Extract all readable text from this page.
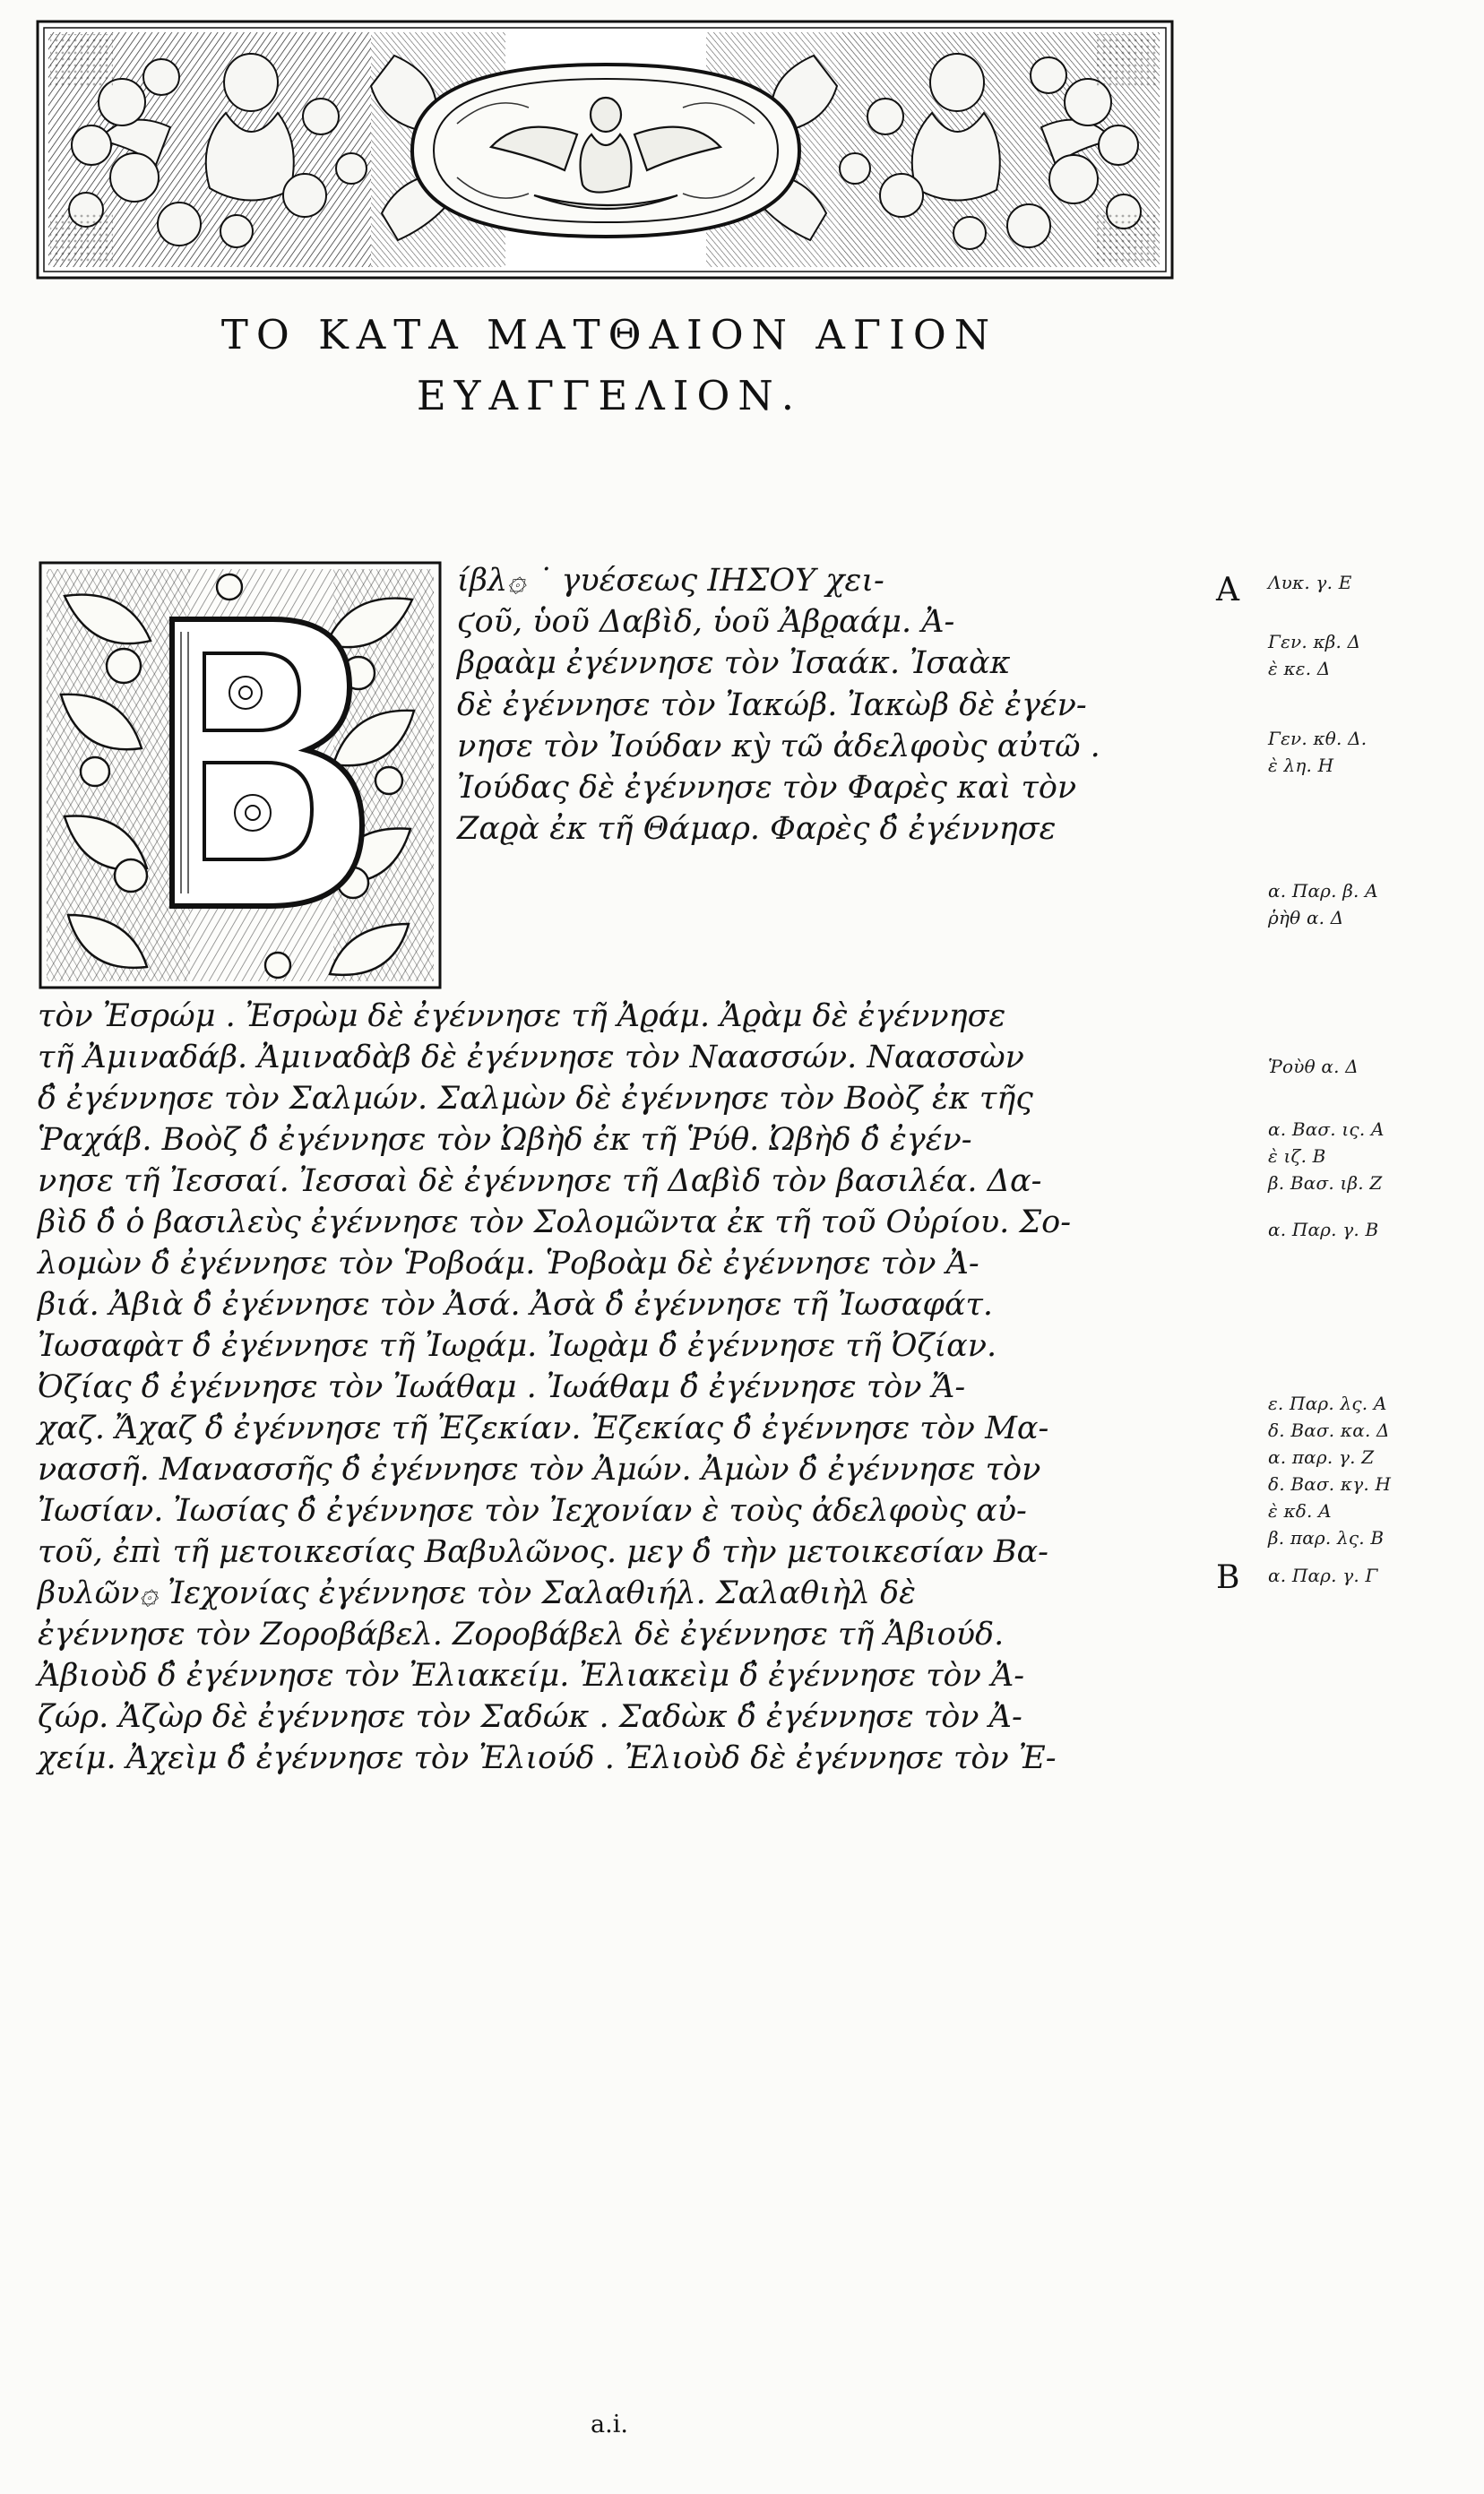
ΤΟ ΚΑΤΑ ΜΑΤΘΑΙΟΝ ΑΓΙΟΝ
ΕΥΑΓΓΕΛΙΟΝ.
Α
Β
ίβλ۞ ˙ γυέσεως ΙΗΣΟΥ χει-
ϛοῦ, ὑοῦ Δαβὶδ, ὑοῦ Ἀβϱαάμ. Ἀ-
βϱαὰμ ἐγέννησε τὸν Ἰσαάκ. Ἰσαὰκ
δὲ ἐγέννησε τὸν Ἰακώβ. Ἰακὼβ δὲ ἐγέν-
νησε τὸν Ἰούδαν κỳ τῶ ἀδελφοὺς αὐτῶ .
Ἰούδας δὲ ἐγέννησε τὸν Φαρὲς καὶ τὸν
Ζαϱὰ ἐκ τῆ Θάμαρ. Φαρὲς δ̓ ἐγέννησε
τὸν Ἐσρώμ . Ἐσρὼμ δὲ ἐγέννησε τῆ Ἀϱάμ. Ἀϱὰμ δὲ ἐγέννησε
τῆ Ἀμιναδάβ. Ἀμιναδὰβ δὲ ἐγέννησε τὸν Ναασσών. Ναασσὼν
δ̓ ἐγέννησε τὸν Σαλμών. Σαλμὼν δὲ ἐγέννησε τὸν Βοὸζ ἐκ τῆς
Ῥαχάβ. Βοὸζ δ̓ ἐγέννησε τὸν Ὠβὴδ ἐκ τῆ Ῥύθ. Ὠβὴδ δ̓ ἐγέν-
νησε τῆ Ἰεσσαί. Ἰεσσαὶ δὲ ἐγέννησε τῆ Δαβὶδ τὸν βασιλέα. Δα-
βὶδ δ̓ ὁ βασιλεὺς ἐγέννησε τὸν Σολομῶντα ἐκ τῆ τοῦ Οὐρίου. Σο-
λομὼν δ̓ ἐγέννησε τὸν Ῥοβοάμ. Ῥοβοὰμ δὲ ἐγέννησε τὸν Ἀ-
βιά. Ἀβιὰ δ̓ ἐγέννησε τὸν Ἀσά. Ἀσὰ δ̓ ἐγέννησε τῆ Ἰωσαφάτ.
Ἰωσαφὰτ δ̓ ἐγέννησε τῆ Ἰωϱάμ. Ἰωϱὰμ δ̓ ἐγέννησε τῆ Ὀζίαν.
Ὀζίας δ̓ ἐγέννησε τὸν Ἰωάθαμ . Ἰωάθαμ δ̓ ἐγέννησε τὸν Ἄ-
χαζ. Ἄχαζ δ̓ ἐγέννησε τῆ Ἐζεκίαν. Ἐζεκίας δ̓ ἐγέννησε τὸν Μα-
νασσῆ. Μανασσῆς δ̓ ἐγέννησε τὸν Ἀμών. Ἀμὼν δ̓ ἐγέννησε τὸν
Ἰωσίαν. Ἰωσίας δ̓ ἐγέννησε τὸν Ἰεχονίαν ὲ τοὺς ἀδελφοὺς αὐ-
τοῦ, ἐπὶ τῆ μετοικεσίας Βαβυλῶνος. μεγ δ̓ τὴν μετοικεσίαν Βα-
βυλῶν۞ Ἰεχονίας ἐγέννησε τὸν Σαλαθιήλ. Σαλαθιὴλ δὲ
ἐγέννησε τὸν Ζοροβάβελ. Ζοροβάβελ δὲ ἐγέννησε τῆ Ἀβιούδ.
Ἀβιοὺδ δ̓ ἐγέννησε τὸν Ἐλιακείμ. Ἐλιακεὶμ δ̓ ἐγέννησε τὸν Ἀ-
ζώρ. Ἀζὼρ δὲ ἐγέννησε τὸν Σαδώκ . Σαδὼκ δ̓ ἐγέννησε τὸν Ἀ-
χείμ. Ἀχεὶμ δ̓ ἐγέννησε τὸν Ἐλιούδ . Ἐλιοὺδ δὲ ἐγέννησε τὸν Ἐ-
Λυκ. γ. Ε
Γεν. κβ. Δ
ὲ κε. Δ
Γεν. κθ. Δ.
ὲ λη. Η
α. Παρ. β. Α
ῥὴθ α. Δ
Ῥοὺθ α. Δ
α. Βασ. ις. Α
ὲ ιζ. Β
β. Βασ. ιβ. Ζ
α. Παρ. γ. Β
ε. Παρ. λς. Α
δ. Βασ. κα. Δ
α. παρ. γ. Ζ
δ. Βασ. κγ. Η
ὲ κδ. Α
β. παρ. λς. Β
α. Παρ. γ. Γ
a.i.
